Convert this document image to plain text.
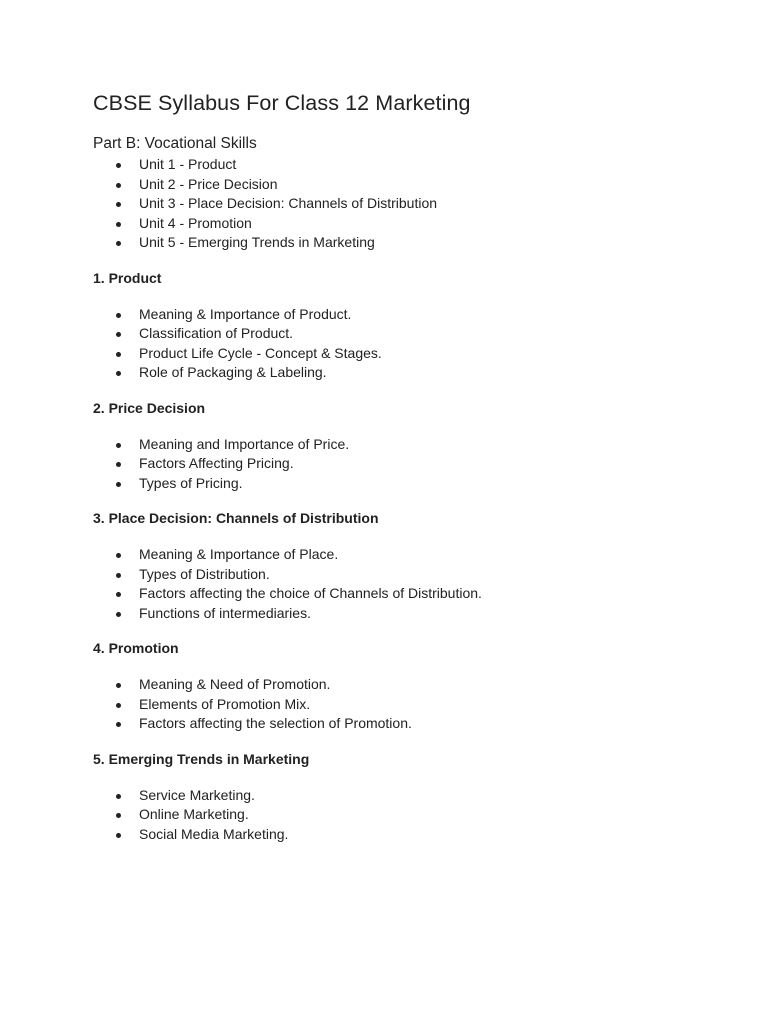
CBSE Syllabus For Class 12 Marketing
Part B: Vocational Skills
Unit 1 - Product
Unit 2 - Price Decision
Unit 3 - Place Decision: Channels of Distribution
Unit 4 - Promotion
Unit 5 - Emerging Trends in Marketing
1. Product
Meaning & Importance of Product.
Classification of Product.
Product Life Cycle - Concept & Stages.
Role of Packaging & Labeling.
2. Price Decision
Meaning and Importance of Price.
Factors Affecting Pricing.
Types of Pricing.
3. Place Decision: Channels of Distribution
Meaning & Importance of Place.
Types of Distribution.
Factors affecting the choice of Channels of Distribution.
Functions of intermediaries.
4. Promotion
Meaning & Need of Promotion.
Elements of Promotion Mix.
Factors affecting the selection of Promotion.
5. Emerging Trends in Marketing
Service Marketing.
Online Marketing.
Social Media Marketing.
